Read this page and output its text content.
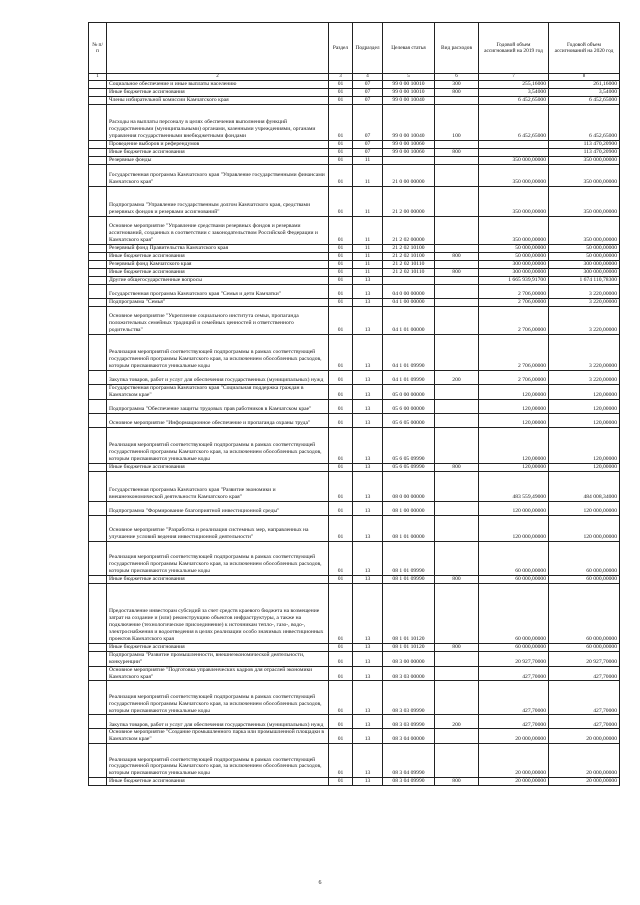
№ п/п		Раздел	Подраздел	Целевая статья	Вид расходов	Годовой объем ассигнований на 2019 год	Годовой объем ассигнований на 2020 год
1	2	3	4	5	6	7	8
	Социальное обеспечение и иные выплаты населению	01	07	99 0 00 10010	300	255,16000	261,16000
	Иные бюджетные ассигнования	01	07	99 0 00 10010	800	3,54000	3,54000
	Члены избирательной комиссии Камчатского края	01	07	99 0 00 10040		6 452,65000	6 452,65000
	Расходы на выплаты персоналу в целях обеспечения выполнения функций государственными (муниципальными) органами, казенными учреждениями, органами управления государственными внебюджетными фондами	01	07	99 0 00 10040	100	6 452,65000	6 452,65000
	Проведение выборов и референдумов	01	07	99 0 00 10060			113 470,20900
	Иные бюджетные ассигнования	01	07	99 0 00 10060	800		113 470,20900
	Резервные фонды	01	11			350 000,00000	350 000,00000
	Государственная программа Камчатского края "Управление государственными финансами Камчатского края"	01	11	21 0 00 00000		350 000,00000	350 000,00000
	Подпрограмма "Управление государственным долгом Камчатского края, средствами резервных фондов и резервами ассигнований"	01	11	21 2 00 00000		350 000,00000	350 000,00000
	Основное мероприятие "Управление средствами резервных фондов и резервами ассигнований, созданных в соответствии с законодательством Российской Федерации и Камчатского края"	01	11	21 2 02 00000		350 000,00000	350 000,00000
	Резервный фонд Правительства Камчатского края	01	11	21 2 02 10100		50 000,00000	50 000,00000
	Иные бюджетные ассигнования	01	11	21 2 02 10100	800	50 000,00000	50 000,00000
	Резервный фонд Камчатского края	01	11	21 2 02 10110		300 000,00000	300 000,00000
	Иные бюджетные ассигнования	01	11	21 2 02 10110	800	300 000,00000	300 000,00000
	Другие общегосударственные вопросы	01	13			1 665 939,91700	1 674 110,78300
	Государственная программа Камчатского края "Семья и дети Камчатки"	01	13	04 0 00 00000		2 706,00000	3 220,00000
	Подпрограмма "Семья"	01	13	04 1 00 00000		2 706,00000	3 220,00000
	Основное мероприятие "Укрепление социального института семьи, пропаганда положительных семейных традиций и семейных ценностей и ответственного родительства"	01	13	04 1 01 00000		2 706,00000	3 220,00000
	Реализация мероприятий соответствующей подпрограммы в рамках соответствующей государственной программы Камчатского края, за исключением обособленных расходов, которым присваиваются уникальные коды	01	13	04 1 01 09990		2 706,00000	3 220,00000
	Закупка товаров, работ и услуг для обеспечения государственных (муниципальных) нужд	01	13	04 1 01 09990	200	2 706,00000	3 220,00000
	Государственная программа Камчатского края "Социальная поддержка граждан в Камчатском крае"	01	13	05 0 00 00000		120,00000	120,00000
	Подпрограмма "Обеспечение защиты трудовых прав работников в Камчатском крае"	01	13	05 6 00 00000		120,00000	120,00000
	Основное мероприятие "Информационное обеспечение и пропаганда охраны труда"	01	13	05 6 05 00000		120,00000	120,00000
	Реализация мероприятий соответствующей подпрограммы в рамках соответствующей государственной программы Камчатского края, за исключением обособленных расходов, которым присваиваются уникальные коды	01	13	05 6 05 09990		120,00000	120,00000
	Иные бюджетные ассигнования	01	13	05 6 05 09990	800	120,00000	120,00000
	Государственная программа Камчатского края "Развитие экономики и внешнеэкономической деятельности Камчатского края"	01	13	08 0 00 00000		483 559,49000	484 008,34000
	Подпрограмма "Формирование благоприятной инвестиционной среды"	01	13	08 1 00 00000		120 000,00000	120 000,00000
	Основное мероприятие "Разработка и реализация системных мер, направленных на улучшение условий ведения инвестиционной деятельности"	01	13	08 1 01 00000		120 000,00000	120 000,00000
	Реализация мероприятий соответствующей подпрограммы в рамках соответствующей государственной программы Камчатского края, за исключением обособленных расходов, которым присваиваются уникальные коды	01	13	08 1 01 09990		60 000,00000	60 000,00000
	Иные бюджетные ассигнования	01	13	08 1 01 09990	800	60 000,00000	60 000,00000
	Предоставление инвесторам субсидий за счет средств краевого бюджета на возмещение затрат на создание и (или) реконструкцию объектов инфраструктуры, а также на подключение (технологическое присоединение) к источникам тепло-, газо-, водо-, электроснабжения и водоотведения в целях реализации особо значимых инвестиционных проектов Камчатского края	01	13	08 1 01 10120		60 000,00000	60 000,00000
	Иные бюджетные ассигнования	01	13	08 1 01 10120	800	60 000,00000	60 000,00000
	Подпрограмма "Развитие промышленности, внешнеэкономической деятельности, конкуренции"	01	13	08 3 00 00000		20 927,70000	20 927,70000
	Основное мероприятие "Подготовка управленческих кадров для отраслей экономики Камчатского края"	01	13	08 3 03 00000		427,70000	427,70000
	Реализация мероприятий соответствующей подпрограммы в рамках соответствующей государственной программы Камчатского края, за исключением обособленных расходов, которым присваиваются уникальные коды	01	13	08 3 03 09990		427,70000	427,70000
	Закупка товаров, работ и услуг для обеспечения государственных (муниципальных) нужд	01	13	08 3 03 09990	200	427,70000	427,70000
	Основное мероприятие "Создание промышленного парка или промышленной площадки в Камчатском крае"	01	13	08 3 04 00000		20 000,00000	20 000,00000
	Реализация мероприятий соответствующей подпрограммы в рамках соответствующей государственной программы Камчатского края, за исключением обособленных расходов, которым присваиваются уникальные коды	01	13	08 3 04 09990		20 000,00000	20 000,00000
	Иные бюджетные ассигнования	01	13	08 3 04 09990	800	20 000,00000	20 000,00000
6
